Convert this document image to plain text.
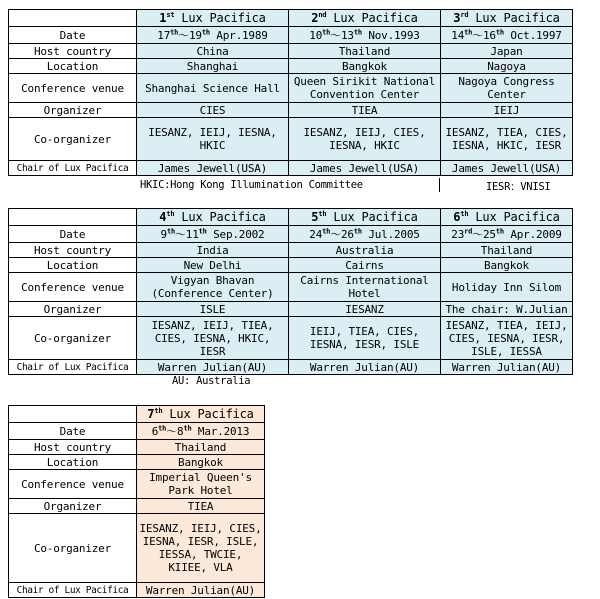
	1st Lux Pacifica	2nd Lux Pacifica	3rd Lux Pacifica
Date	17th～19th Apr.1989	10th～13th Nov.1993	14th～16th Oct.1997
Host country	China	Thailand	Japan
Location	Shanghai	Bangkok	Nagoya
Conference venue	Shanghai Science Hall	Queen Sirikit National Convention Center	Nagoya Congress Center
Organizer	CIES	TIEA	IEIJ
Co-organizer	IESANZ, IEIJ, IESNA, HKIC	IESANZ, IEIJ, CIES, IESNA, HKIC	IESANZ, TIEA, CIES, IESNA, HKIC, IESR
Chair of Lux Pacifica	James Jewell(USA)	James Jewell(USA)	James Jewell(USA)
HKIC:Hong Kong Illumination Committee	IESR：VNISI
	4th Lux Pacifica	5th Lux Pacifica	6th Lux Pacifica
Date	9th～11th Sep.2002	24th～26th Jul.2005	23rd～25th Apr.2009
Host country	India	Australia	Thailand
Location	New Delhi	Cairns	Bangkok
Conference venue	Vigyan Bhavan (Conference Center)	Cairns International Hotel	Holiday Inn Silom
Organizer	ISLE	IESANZ	The chair: W.Julian
Co-organizer	IESANZ, IEIJ, TIEA, CIES, IESNA, HKIC, IESR	IEIJ, TIEA, CIES, IESNA, IESR, ISLE	IESANZ, TIEA, IEIJ, CIES, IESNA, IESR, ISLE, IESSA
Chair of Lux Pacifica	Warren Julian(AU)	Warren Julian(AU)	Warren Julian(AU)
AU: Australia
	7th Lux Pacifica
Date	6th～8th Mar.2013
Host country	Thailand
Location	Bangkok
Conference venue	Imperial Queen's Park Hotel
Organizer	TIEA
Co-organizer	IESANZ, IEIJ, CIES, IESNA, IESR, ISLE, IESSA, TWCIE, KIIEE, VLA
Chair of Lux Pacifica	Warren Julian(AU)
